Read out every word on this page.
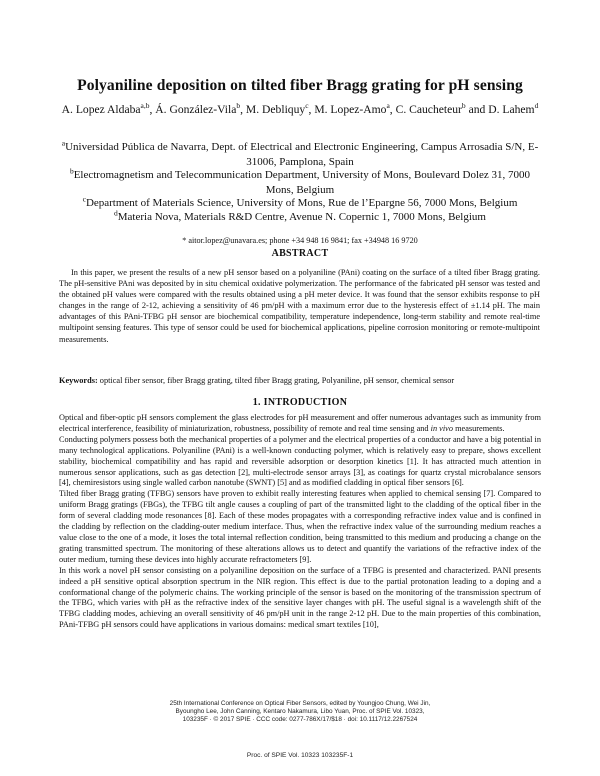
Polyaniline deposition on tilted fiber Bragg grating for pH sensing
A. Lopez Aldaba$^{a,b}$, Á. González-Vila$^b$, M. Debliquy$^c$, M. Lopez-Amo$^a$, C. Caucheteur$^b$ and D. Lahem$^d$
$^a$Universidad Pública de Navarra, Dept. of Electrical and Electronic Engineering, Campus Arrosadia S/N, E-31006, Pamplona, Spain
$^b$Electromagnetism and Telecommunication Department, University of Mons, Boulevard Dolez 31, 7000 Mons, Belgium
$^c$Department of Materials Science, University of Mons, Rue de l’Epargne 56, 7000 Mons, Belgium
$^d$Materia Nova, Materials R&D Centre, Avenue N. Copernic 1, 7000 Mons, Belgium
* aitor.lopez@unavara.es; phone +34 948 16 9841; fax +34948 16 9720
ABSTRACT

In this paper, we present the results of a new pH sensor based on a polyaniline (PAni) coating on the surface of a tilted fiber Bragg grating. The pH-sensitive PAni was deposited by in situ chemical oxidative polymerization. The performance of the fabricated pH sensor was tested and the obtained pH values were compared with the results obtained using a pH meter device. It was found that the sensor exhibits response to pH changes in the range of 2-12, achieving a sensitivity of 46 pm/pH with a maximum error due to the hysteresis effect of ±1.14 pH. The main advantages of this PAni-TFBG pH sensor are biochemical compatibility, temperature independence, long-term stability and remote real-time multipoint sensing features. This type of sensor could be used for biochemical applications, pipeline corrosion monitoring or remote-multipoint measurements.

Keywords: optical fiber sensor, fiber Bragg grating, tilted fiber Bragg grating, Polyaniline, pH sensor, chemical sensor

1. INTRODUCTION

Optical and fiber-optic pH sensors complement the glass electrodes for pH measurement and offer numerous advantages such as immunity from electrical interference, feasibility of miniaturization, robustness, possibility of remote and real time sensing and in vivo measurements.

Conducting polymers possess both the mechanical properties of a polymer and the electrical properties of a conductor and have a big potential in many technological applications. Polyaniline (PAni) is a well-known conducting polymer, which is relatively easy to prepare, shows excellent stability, biochemical compatibility and has rapid and reversible adsorption or desorption kinetics [1]. It has attracted much attention in numerous sensor applications, such as gas detection [2], multi-electrode sensor arrays [3], as coatings for quartz crystal microbalance sensors [4], chemiresistors using single walled carbon nanotube (SWNT) [5] and as modified cladding in optical fiber sensors [6].

Tilted fiber Bragg grating (TFBG) sensors have proven to exhibit really interesting features when applied to chemical sensing [7]. Compared to uniform Bragg gratings (FBGs), the TFBG tilt angle causes a coupling of part of the transmitted light to the cladding of the optical fiber in the form of several cladding mode resonances [8]. Each of these modes propagates with a corresponding refractive index value and is confined in the cladding by reflection on the cladding-outer medium interface. Thus, when the refractive index value of the surrounding medium reaches a value close to the one of a mode, it loses the total internal reflection condition, being transmitted to this medium and producing a change on the grating transmitted spectrum. The monitoring of these alterations allows us to detect and quantify the variations of the refractive index of the outer medium, turning these devices into highly accurate refractometers [9].

In this work a novel pH sensor consisting on a polyaniline deposition on the surface of a TFBG is presented and characterized. PANI presents indeed a pH sensitive optical absorption spectrum in the NIR region. This effect is due to the partial protonation leading to a doping and a conformational change of the polymeric chains. The working principle of the sensor is based on the monitoring of the transmission spectrum of the TFBG, which varies with pH as the refractive index of the sensitive layer changes with pH. The useful signal is a wavelength shift of the TFBG cladding modes, achieving an overall sensitivity of 46 pm/pH unit in the range 2-12 pH. Due to the main properties of this combination, PAni-TFBG pH sensors could have applications in various domains: medical smart textiles [10],

25th International Conference on Optical Fiber Sensors, edited by Youngjoo Chung, Wei Jin,
Byoungho Lee, John Canning, Kentaro Nakamura, Libo Yuan, Proc. of SPIE Vol. 10323,
103235F · © 2017 SPIE · CCC code: 0277-786X/17/$18 · doi: 10.1117/12.2267524
Proc. of SPIE Vol. 10323 103235F-1
